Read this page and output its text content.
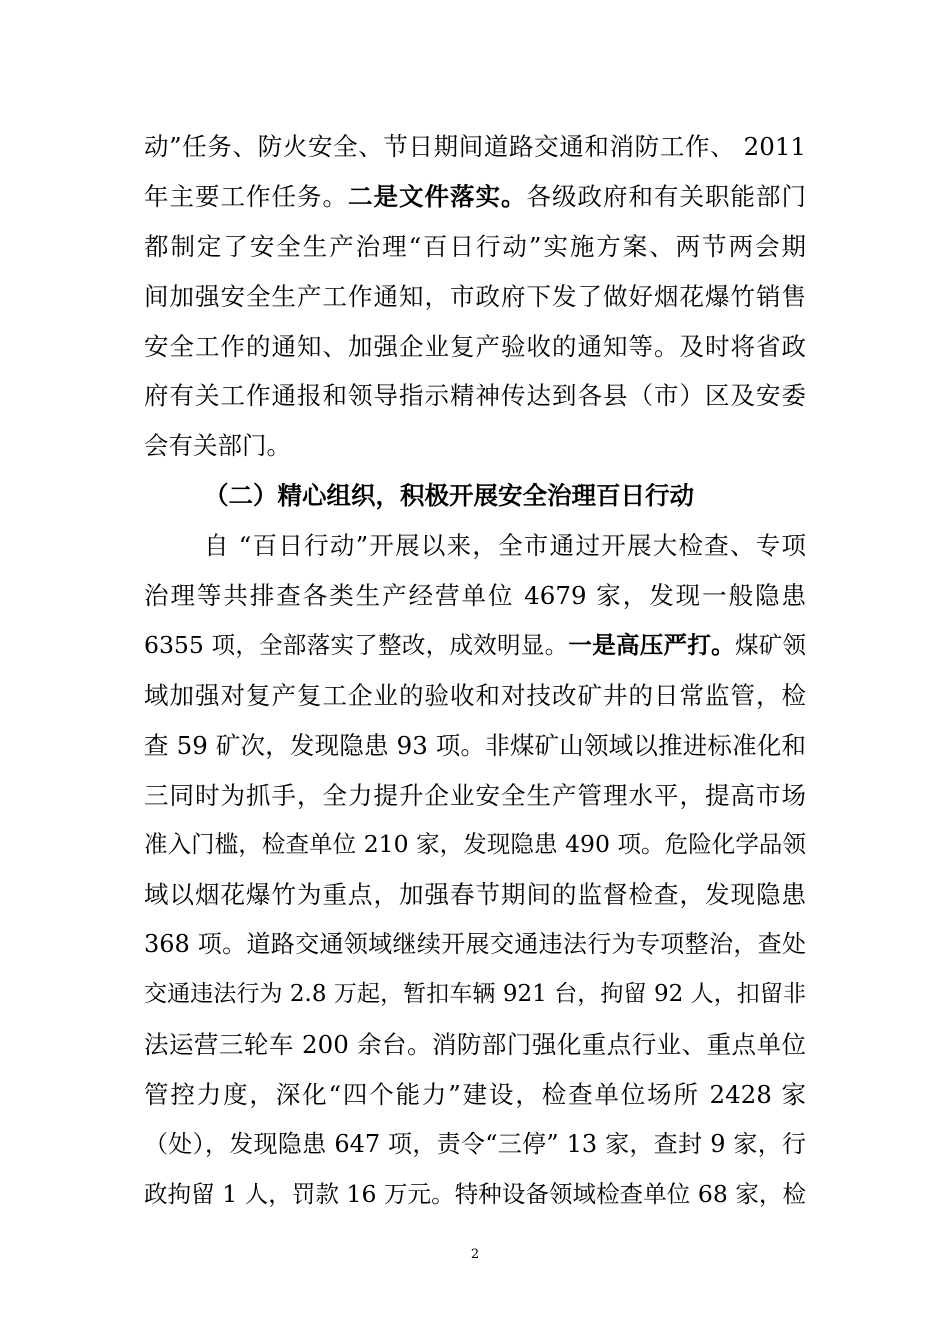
动”任务、防火安全、节日期间道路交通和消防工作、 2011
年主要工作任务。二是文件落实。各级政府和有关职能部门
都制定了安全生产治理“百日行动”实施方案、两节两会期
间加强安全生产工作通知，市政府下发了做好烟花爆竹销售
安全工作的通知、加强企业复产验收的通知等。及时将省政
府有关工作通报和领导指示精神传达到各县（市）区及安委
会有关部门。
（二）精心组织，积极开展安全治理百日行动
自 “百日行动”开展以来，全市通过开展大检查、专项
治理等共排查各类生产经营单位 4679 家，发现一般隐患
6355 项，全部落实了整改，成效明显。一是高压严打。煤矿领
域加强对复产复工企业的验收和对技改矿井的日常监管，检
查 59 矿次，发现隐患 93 项。非煤矿山领域以推进标准化和
三同时为抓手，全力提升企业安全生产管理水平，提高市场
准入门槛，检查单位 210 家，发现隐患 490 项。危险化学品领
域以烟花爆竹为重点，加强春节期间的监督检查，发现隐患
368 项。道路交通领域继续开展交通违法行为专项整治，查处
交通违法行为 2.8 万起，暂扣车辆 921 台，拘留 92 人，扣留非
法运营三轮车 200 余台。消防部门强化重点行业、重点单位
管控力度，深化“四个能力”建设，检查单位场所 2428 家
（处），发现隐患 647 项，责令“三停” 13 家，查封 9 家，行
政拘留 1 人，罚款 16 万元。特种设备领域检查单位 68 家，检
2
